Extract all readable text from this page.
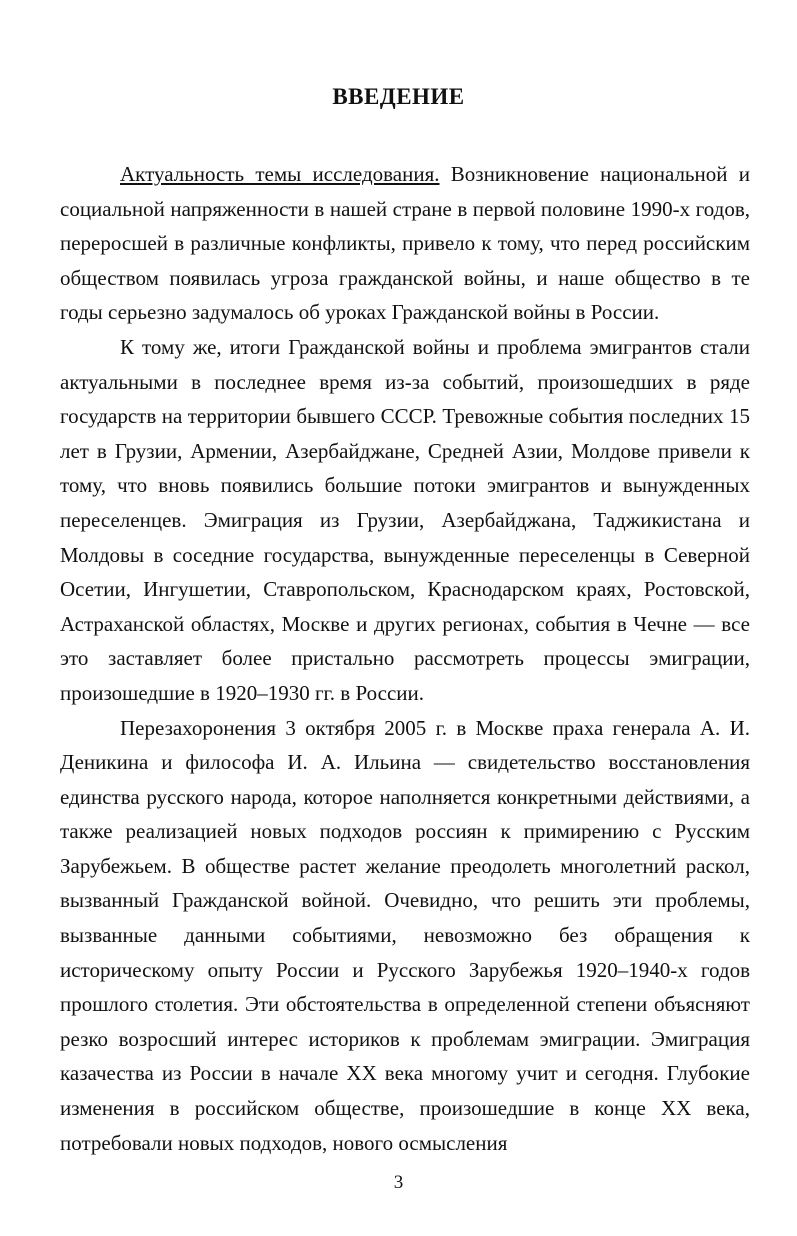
ВВЕДЕНИЕ

Актуальность темы исследования. Возникновение национальной и социальной напряженности в нашей стране в первой половине 1990-х годов, переросшей в различные конфликты, привело к тому, что перед российским обществом появилась угроза гражданской войны, и наше общество в те годы серьезно задумалось об уроках Гражданской войны в России.

К тому же, итоги Гражданской войны и проблема эмигрантов стали актуальными в последнее время из-за событий, произошедших в ряде государств на территории бывшего СССР. Тревожные события последних 15 лет в Грузии, Армении, Азербайджане, Средней Азии, Молдове привели к тому, что вновь появились большие потоки эмигрантов и вынужденных переселенцев. Эмиграция из Грузии, Азербайджана, Таджикистана и Молдовы в соседние государства, вынужденные переселенцы в Северной Осетии, Ингушетии, Ставропольском, Краснодарском краях, Ростовской, Астраханской областях, Москве и других регионах, события в Чечне — все это заставляет более пристально рассмотреть процессы эмиграции, произошедшие в 1920–1930 гг. в России.

Перезахоронения 3 октября 2005 г. в Москве праха генерала А. И. Деникина и философа И. А. Ильина — свидетельство восстановления единства русского народа, которое наполняется конкретными действиями, а также реализацией новых подходов россиян к примирению с Русским Зарубежьем. В обществе растет желание преодолеть многолетний раскол, вызванный Гражданской войной. Очевидно, что решить эти проблемы, вызванные данными событиями, невозможно без обращения к историческому опыту России и Русского Зарубежья 1920–1940-х годов прошлого столетия. Эти обстоятельства в определенной степени объясняют резко возросший интерес историков к проблемам эмиграции. Эмиграция казачества из России в начале XX века многому учит и сегодня. Глубокие изменения в российском обществе, произошедшие в конце XX века, потребовали новых подходов, нового осмысления

3
